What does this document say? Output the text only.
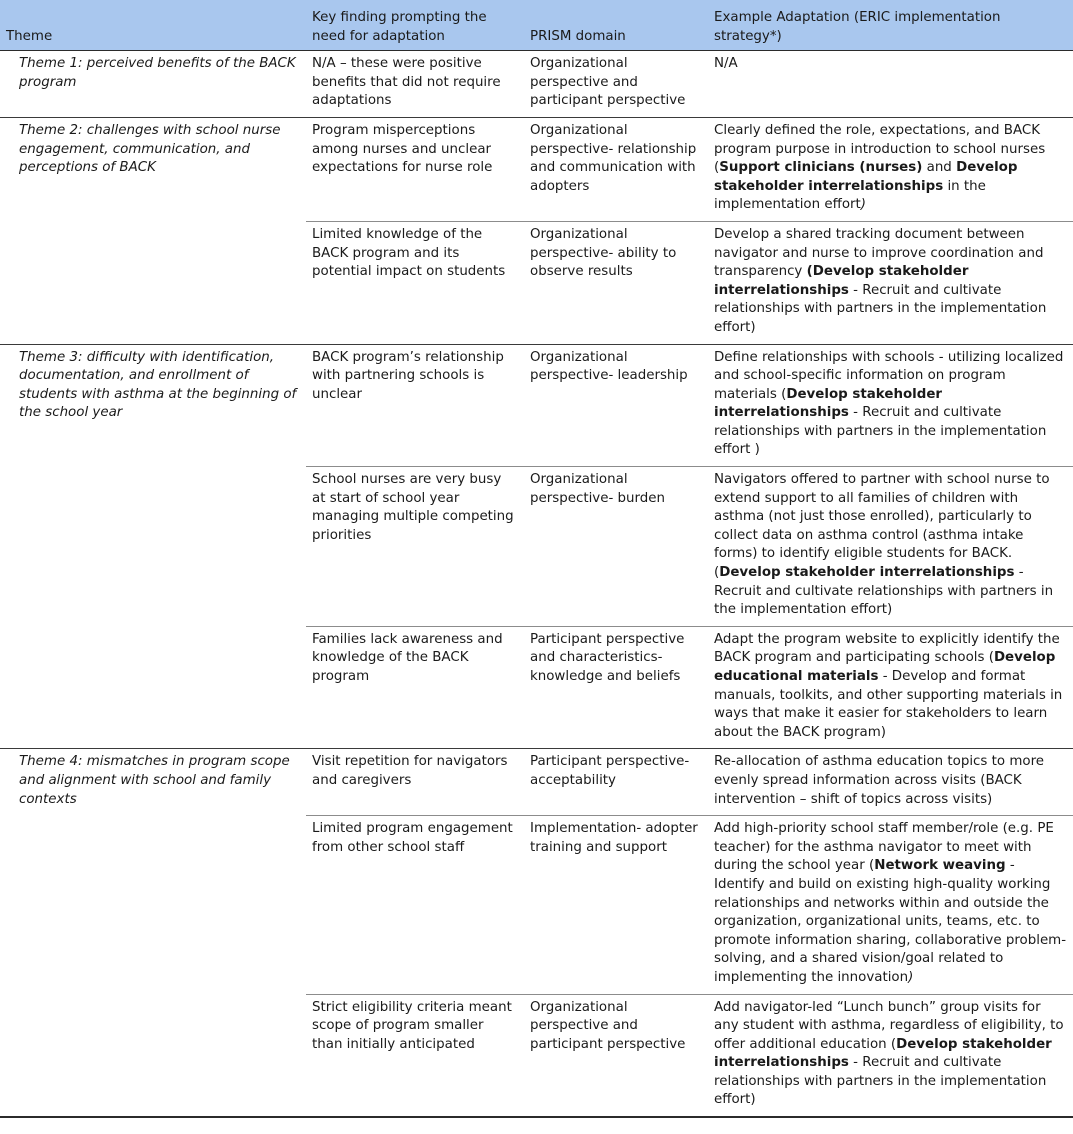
Theme	Key finding prompting the need for adaptation	PRISM domain	Example Adaptation (ERIC implementation strategy*)
Theme 1: perceived benefits of the BACK program	N/A – these were positive benefits that did not require adaptations	Organizational perspective and participant perspective	N/A
Theme 2: challenges with school nurse engagement, communication, and perceptions of BACK	Program misperceptions among nurses and unclear expectations for nurse role	Organizational perspective- relationship and communication with adopters	Clearly defined the role, expectations, and BACK program purpose in introduction to school nurses (Support clinicians (nurses) and Develop stakeholder interrelationships in the implementation effort)
	Limited knowledge of the BACK program and its potential impact on students	Organizational perspective- ability to observe results	Develop a shared tracking document between navigator and nurse to improve coordination and transparency (Develop stakeholder interrelationships - Recruit and cultivate relationships with partners in the implementation effort)
Theme 3: difficulty with identification, documentation, and enrollment of students with asthma at the beginning of the school year	BACK program’s relationship with partnering schools is unclear	Organizational perspective- leadership	Define relationships with schools - utilizing localized and school-specific information on program materials (Develop stakeholder interrelationships - Recruit and cultivate relationships with partners in the implementation effort )
	School nurses are very busy at start of school year managing multiple competing priorities	Organizational perspective- burden	Navigators offered to partner with school nurse to extend support to all families of children with asthma (not just those enrolled), particularly to collect data on asthma control (asthma intake forms) to identify eligible students for BACK. (Develop stakeholder interrelationships - Recruit and cultivate relationships with partners in the implementation effort)
	Families lack awareness and knowledge of the BACK program	Participant perspective and characteristics- knowledge and beliefs	Adapt the program website to explicitly identify the BACK program and participating schools (Develop educational materials - Develop and format manuals, toolkits, and other supporting materials in ways that make it easier for stakeholders to learn about the BACK program)
Theme 4: mismatches in program scope and alignment with school and family contexts	Visit repetition for navigators and caregivers	Participant perspective- acceptability	Re-allocation of asthma education topics to more evenly spread information across visits (BACK intervention – shift of topics across visits)
	Limited program engagement from other school staff	Implementation- adopter training and support	Add high-priority school staff member/role (e.g. PE teacher) for the asthma navigator to meet with during the school year (Network weaving - Identify and build on existing high-quality working relationships and networks within and outside the organization, organizational units, teams, etc. to promote information sharing, collaborative problem-solving, and a shared vision/goal related to implementing the innovation)
	Strict eligibility criteria meant scope of program smaller than initially anticipated	Organizational perspective and participant perspective	Add navigator-led “Lunch bunch” group visits for any student with asthma, regardless of eligibility, to offer additional education (Develop stakeholder interrelationships - Recruit and cultivate relationships with partners in the implementation effort)
